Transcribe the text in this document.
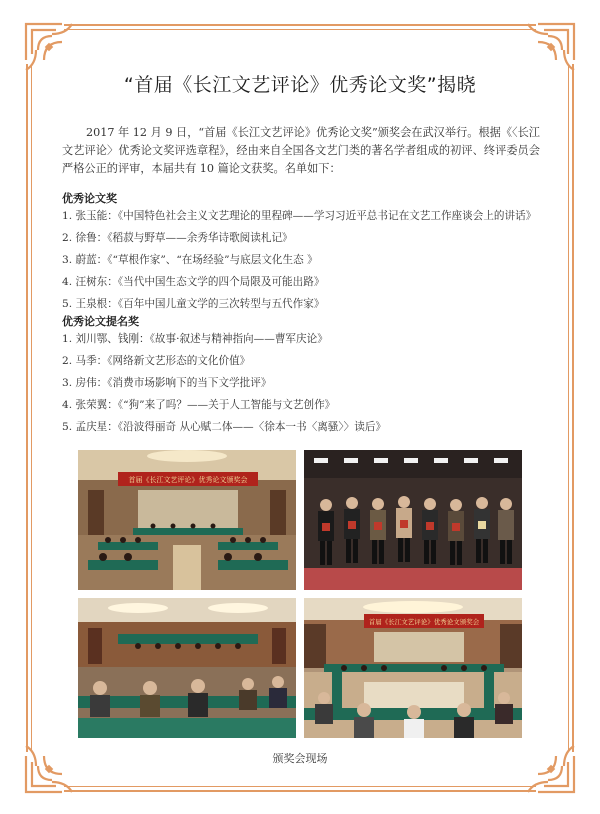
“首届《长江文艺评论》优秀论文奖”揭晓

2017 年 12 月 9 日，“首届《长江文艺评论》优秀论文奖”颁奖会在武汉举行。根据《〈长江文艺评论〉优秀论文奖评选章程》，经由来自全国各文艺门类的著名学者组成的初评、终评委员会严格公正的评审，本届共有 10 篇论文获奖。名单如下：

优秀论文奖
1. 张玉能：《中国特色社会主义文艺理论的里程碑——学习习近平总书记在文艺工作座谈会上的讲话》
2. 徐鲁：《稻菽与野草——余秀华诗歌阅读札记》
3. 蔚蓝：《“草根作家”、“在场经验”与底层文化生态 》
4. 汪树东：《当代中国生态文学的四个局限及可能出路》
5. 王泉根：《百年中国儿童文学的三次转型与五代作家》
优秀论文提名奖
1. 刘川鄂、钱刚：《故事·叙述与精神指向——曹军庆论》
2. 马季：《网络新文艺形态的文化价值》
3. 房伟：《消费市场影响下的当下文学批评》
4. 张荣翼：《“狗”来了吗？——关于人工智能与文艺创作》
5. 孟庆星：《沿波得丽奇 从心赋二体——〈徐本一书〈离骚〉〉读后》
首届《长江文艺评论》优秀论文颁奖会
首届《长江文艺评论》优秀论文颁奖会
颁奖会现场
